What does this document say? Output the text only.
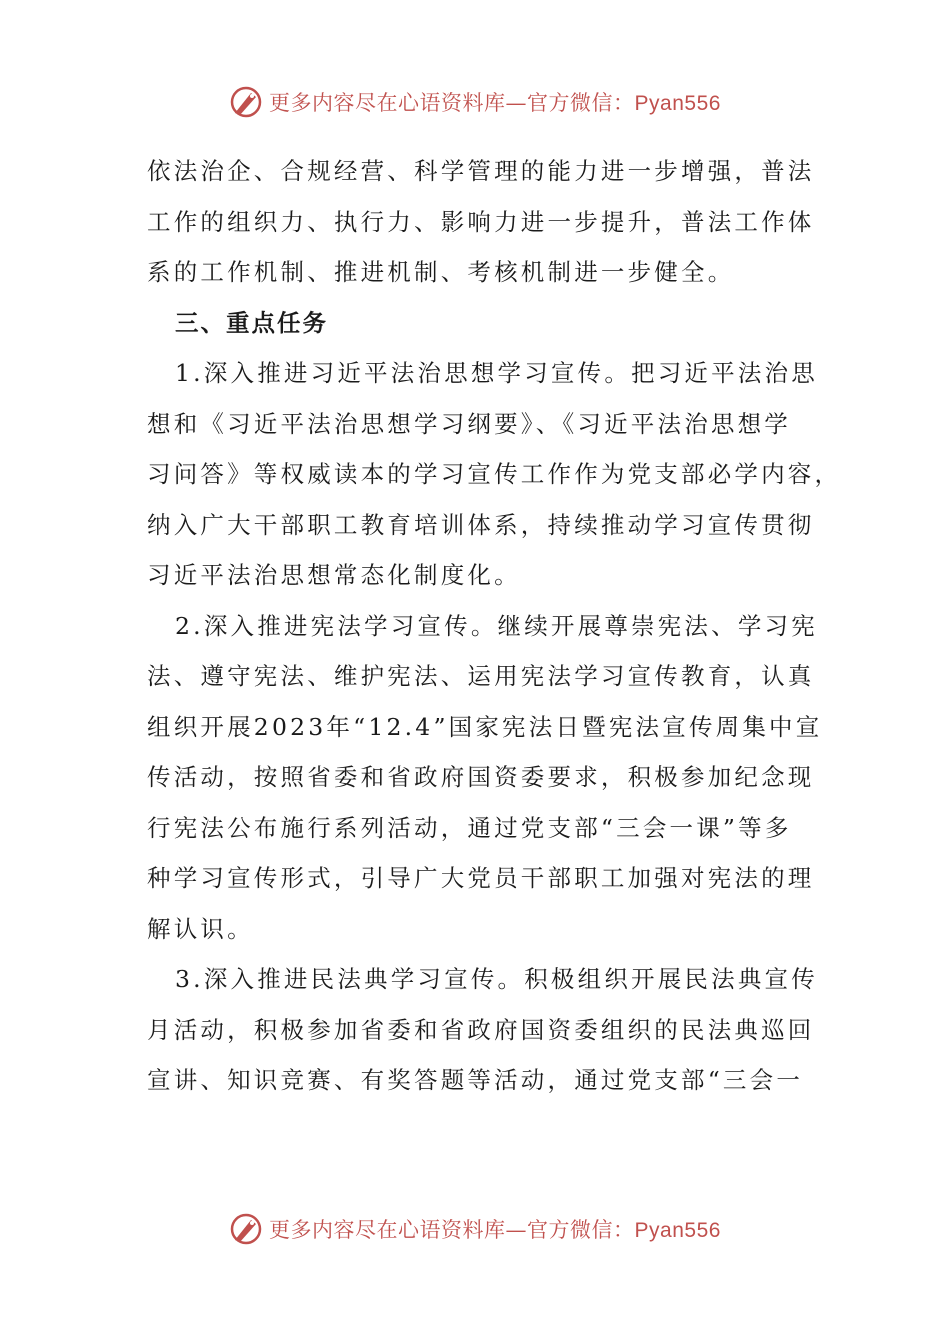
更多内容尽在心语资料库—官方微信：Pyan556
依法治企、合规经营、科学管理的能力进一步增强，普法
工作的组织力、执行力、影响力进一步提升，普法工作体
系的工作机制、推进机制、考核机制进一步健全。
三、重点任务
1.深入推进习近平法治思想学习宣传。把习近平法治思
想和《习近平法治思想学习纲要》、《习近平法治思想学
习问答》等权威读本的学习宣传工作作为党支部必学内容，
纳入广大干部职工教育培训体系，持续推动学习宣传贯彻
习近平法治思想常态化制度化。
2.深入推进宪法学习宣传。继续开展尊崇宪法、学习宪
法、遵守宪法、维护宪法、运用宪法学习宣传教育，认真
组织开展2023年“12.4”国家宪法日暨宪法宣传周集中宣
传活动，按照省委和省政府国资委要求，积极参加纪念现
行宪法公布施行系列活动，通过党支部“三会一课”等多
种学习宣传形式，引导广大党员干部职工加强对宪法的理
解认识。
3.深入推进民法典学习宣传。积极组织开展民法典宣传
月活动，积极参加省委和省政府国资委组织的民法典巡回
宣讲、知识竞赛、有奖答题等活动，通过党支部“三会一
更多内容尽在心语资料库—官方微信：Pyan556
